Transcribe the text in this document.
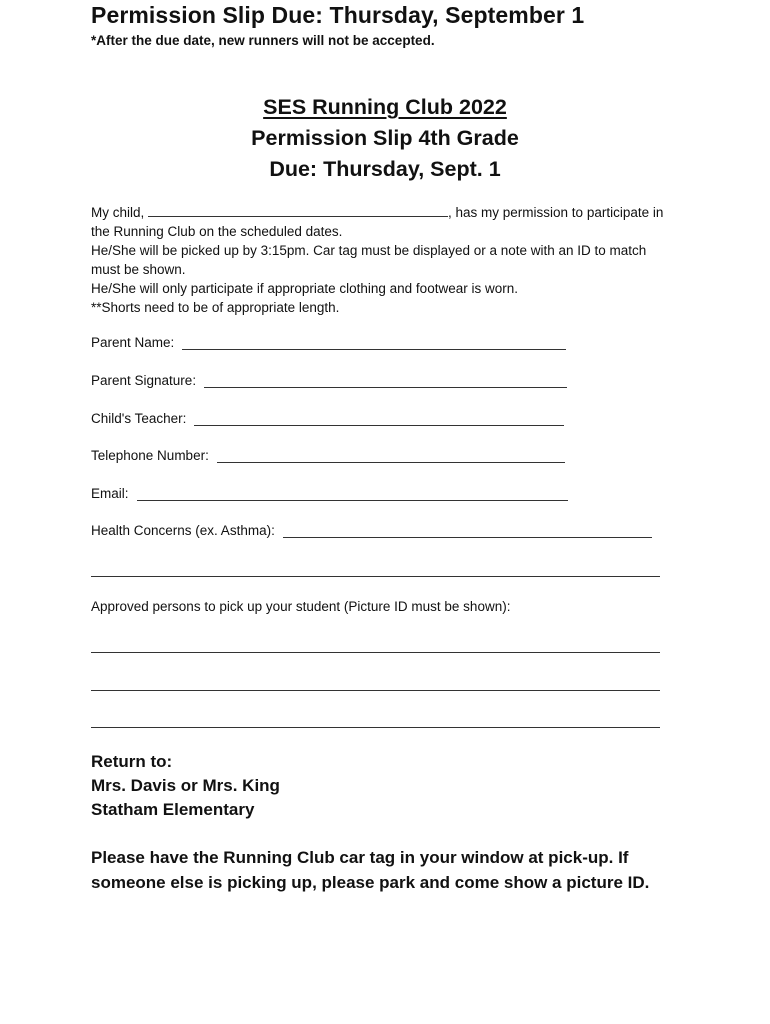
Permission Slip Due: Thursday, September 1
*After the due date, new runners will not be accepted.
SES Running Club 2022
Permission Slip 4th Grade
Due: Thursday, Sept. 1
My child,	, has my permission to participate in
the Running Club on the scheduled dates.
He/She will be picked up by 3:15pm. Car tag must be displayed or a note with an ID to match
must be shown.
He/She will only participate if appropriate clothing and footwear is worn.
**Shorts need to be of appropriate length.
Parent Name:
Parent Signature:
Child's Teacher:
Telephone Number:
Email:
Health Concerns (ex. Asthma):
Approved persons to pick up your student (Picture ID must be shown):
Return to:
Mrs. Davis or Mrs. King
Statham Elementary
Please have the Running Club car tag in your window at pick-up. If
someone else is picking up, please park and come show a picture ID.
